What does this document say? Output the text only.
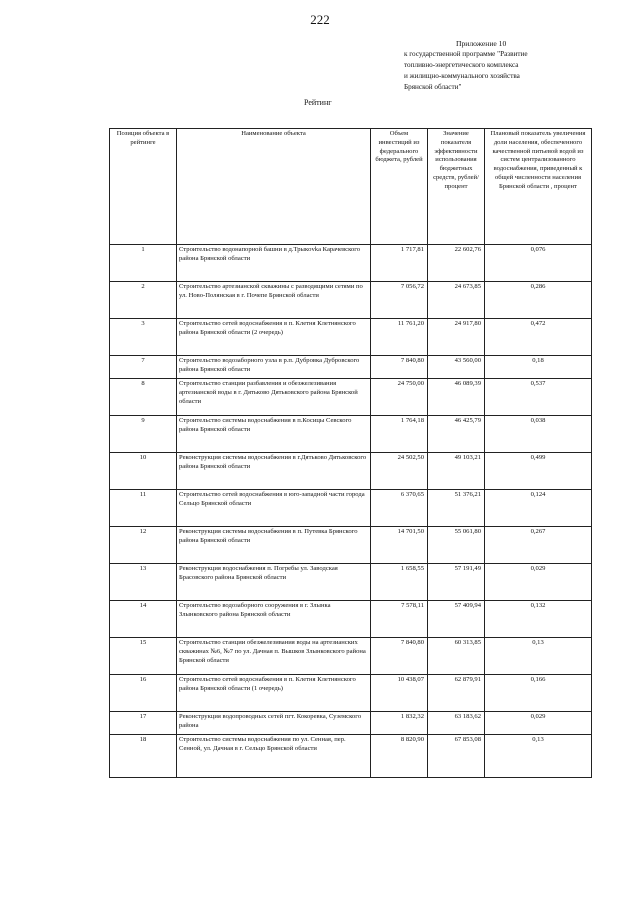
222
Приложение 10
к государственной программе "Развитие
топливно-энергетического комплекса
и жилищно-коммунального хозяйства
Брянской области"
Рейтинг
Позиция объекта в рейтинге	Наименование объекта	Объем инвестиций из федерального бюджета, рублей	Значение показателя эффективности использования бюджетных средств, рублей/процент	Плановый показатель увеличения доли населения, обеспеченного качественной питьевой водой из систем централизованного водоснабжения, приведенный к общей численности населения Брянской области , процент
1	Строительство водонапорной башни в д.Трыкovka Карачевского района Брянской области	1 717,81	22 602,76	0,076
2	Строительство артезианской скважины с разводящими сетями по ул. Ново-Полянская в г. Почепе Брянской области	7 056,72	24 673,85	0,286
3	Строительство сетей водоснабжения в п. Клетня Клетнянского района Брянской области (2 очередь)	11 761,20	24 917,80	0,472
7	Строительство водозаборного узла в р.п. Дубровка Дубровского района Брянской области	7 840,80	43 560,00	0,18
8	Строительство станции разбавления и обезжелезивания артезианской воды в г. Дятьково Дятьковского района Брянской области	24 750,00	46 089,39	0,537
9	Строительство системы водоснабжения в п.Косицы Севского района Брянской области	1 764,18	46 425,79	0,038
10	Реконструкция системы водоснабжения в г.Дятьково Дятьковского района Брянской области	24 502,50	49 103,21	0,499
11	Строительство сетей водоснабжения в юго-западной части города Сельцо Брянской области	6 370,65	51 376,21	0,124
12	Реконструкция системы водоснабжения в п. Путевка Брянского района Брянской области	14 701,50	55 061,80	0,267
13	Реконструкция водоснабжения п. Погребы ул. Заводская Брасовского района Брянской области	1 658,55	57 191,49	0,029
14	Строительство водозаборного сооружения в г. Злынка Злынковского района Брянской области	7 578,11	57 409,94	0,132
15	Строительство станции обезжелезивания воды на артезианских скважинах №6, №7 по ул. Дачная п. Вышков Злынковского района Брянской области	7 840,80	60 313,85	0,13
16	Строительство сетей водоснабжения в п. Клетня Клетнянского района Брянской области (1 очередь)	10 438,07	62 879,91	0,166
17	Реконструкция водопроводных сетей пгт. Кокоревка, Суземского района	1 832,32	63 183,62	0,029
18	Строительство системы водоснабжения по ул. Сенная, пер. Сенной, ул. Дачная в г. Сельцо Брянской области	8 820,90	67 853,08	0,13
